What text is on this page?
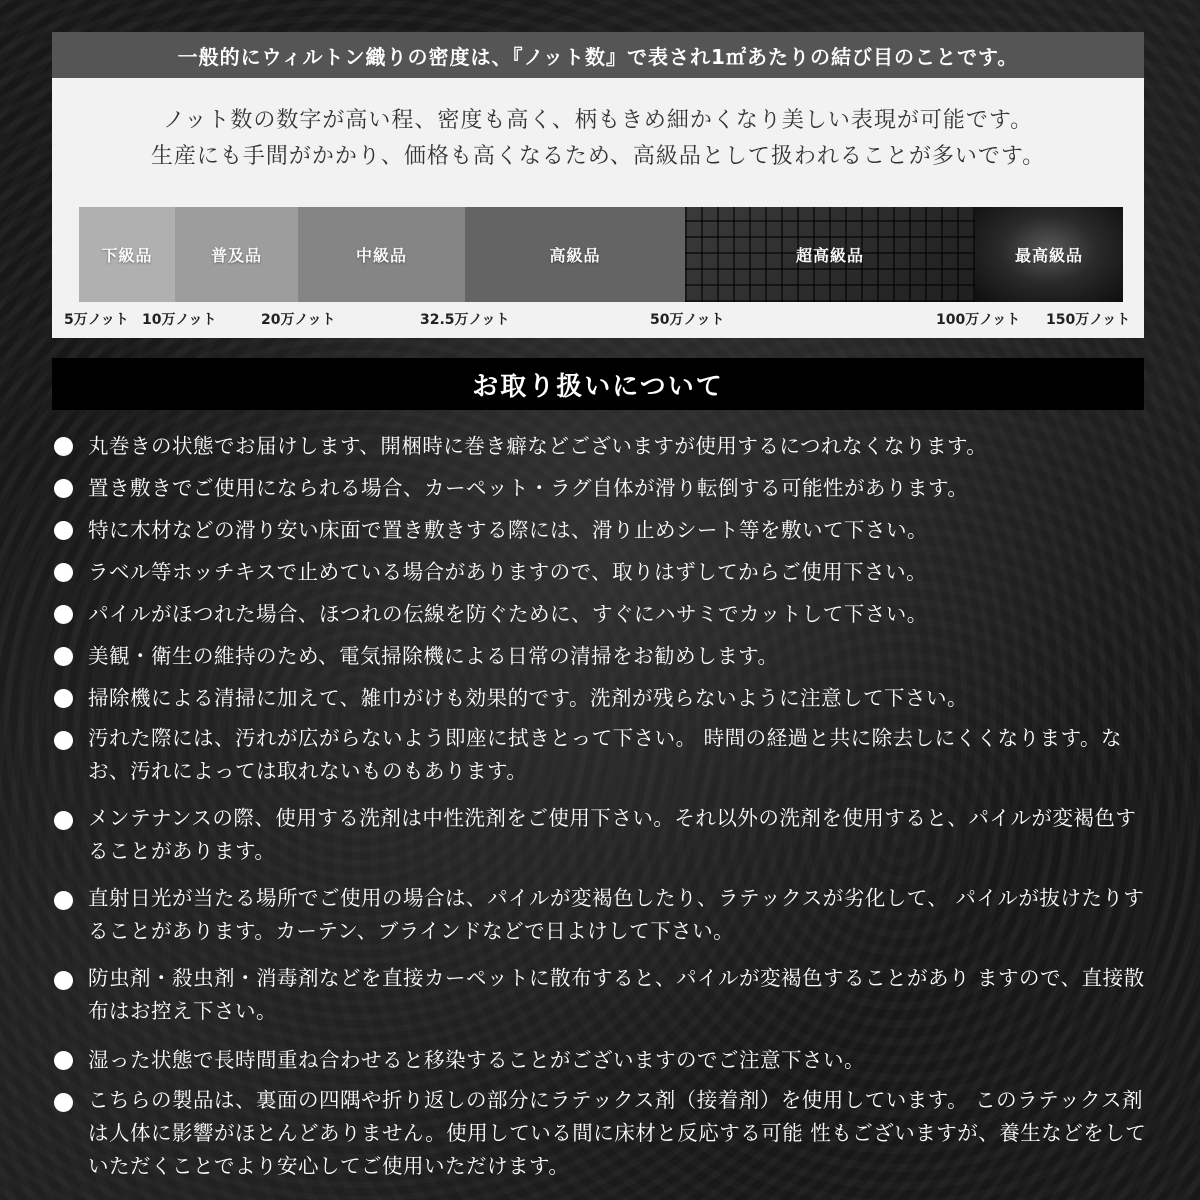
一般的にウィルトン織りの密度は、『ノット数』で表され1㎡あたりの結び目のことです。
ノット数の数字が高い程、密度も高く、柄もきめ細かくなり美しい表現が可能です。
生産にも手間がかかり、価格も高くなるため、高級品として扱われることが多いです。
下級品	普及品	中級品	高級品	超高級品	最高級品
5万ノット 10万ノット	20万ノット	32.5万ノット	50万ノット	100万ノット 150万ノット
お取り扱いについて
丸巻きの状態でお届けします、開梱時に巻き癖などございますが使用するにつれなくなります。
置き敷きでご使用になられる場合、カーペット・ラグ自体が滑り転倒する可能性があります。
特に木材などの滑り安い床面で置き敷きする際には、滑り止めシート等を敷いて下さい。
ラベル等ホッチキスで止めている場合がありますので、取りはずしてからご使用下さい。
パイルがほつれた場合、ほつれの伝線を防ぐために、すぐにハサミでカットして下さい。
美観・衛生の維持のため、電気掃除機による日常の清掃をお勧めします。
掃除機による清掃に加えて、雑巾がけも効果的です。洗剤が残らないように注意して下さい。
汚れた際には、汚れが広がらないよう即座に拭きとって下さい。 時間の経過と共に除去しにくくなります。なお、汚れによっては取れないものもあります。
メンテナンスの際、使用する洗剤は中性洗剤をご使用下さい。それ以外の洗剤を使用すると、パイルが変褐色することがあります。
直射日光が当たる場所でご使用の場合は、パイルが変褐色したり、ラテックスが劣化して、 パイルが抜けたりすることがあります。カーテン、ブラインドなどで日よけして下さい。
防虫剤・殺虫剤・消毒剤などを直接カーペットに散布すると、パイルが変褐色することがあり ますので、直接散布はお控え下さい。
湿った状態で長時間重ね合わせると移染することがございますのでご注意下さい。
こちらの製品は、裏面の四隅や折り返しの部分にラテックス剤（接着剤）を使用しています。 このラテックス剤は人体に影響がほとんどありません。使用している間に床材と反応する可能 性もございますが、養生などをしていただくことでより安心してご使用いただけます。
